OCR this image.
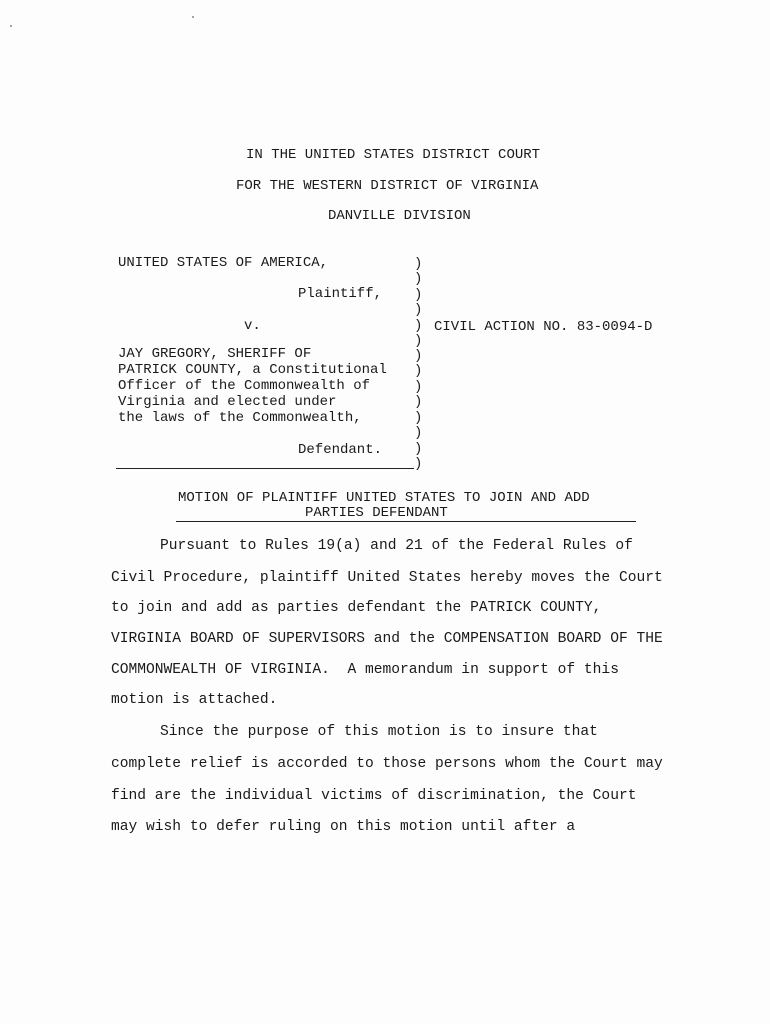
IN THE UNITED STATES DISTRICT COURT
FOR THE WESTERN DISTRICT OF VIRGINIA
DANVILLE DIVISION
UNITED STATES OF AMERICA,
Plaintiff,
v.
JAY GREGORY, SHERIFF OF
PATRICK COUNTY, a Constitutional
Officer of the Commonwealth of
Virginia and elected under
the laws of the Commonwealth,
Defendant.
)
)
)
)
)
)
)
)
)
)
)
)
)
)
CIVIL ACTION NO. 83-0094-D
MOTION OF PLAINTIFF UNITED STATES TO JOIN AND ADD
PARTIES DEFENDANT
Pursuant to Rules 19(a) and 21 of the Federal Rules of
Civil Procedure, plaintiff United States hereby moves the Court
to join and add as parties defendant the PATRICK COUNTY,
VIRGINIA BOARD OF SUPERVISORS and the COMPENSATION BOARD OF THE
COMMONWEALTH OF VIRGINIA.  A memorandum in support of this
motion is attached.
Since the purpose of this motion is to insure that
complete relief is accorded to those persons whom the Court may
find are the individual victims of discrimination, the Court
may wish to defer ruling on this motion until after a
